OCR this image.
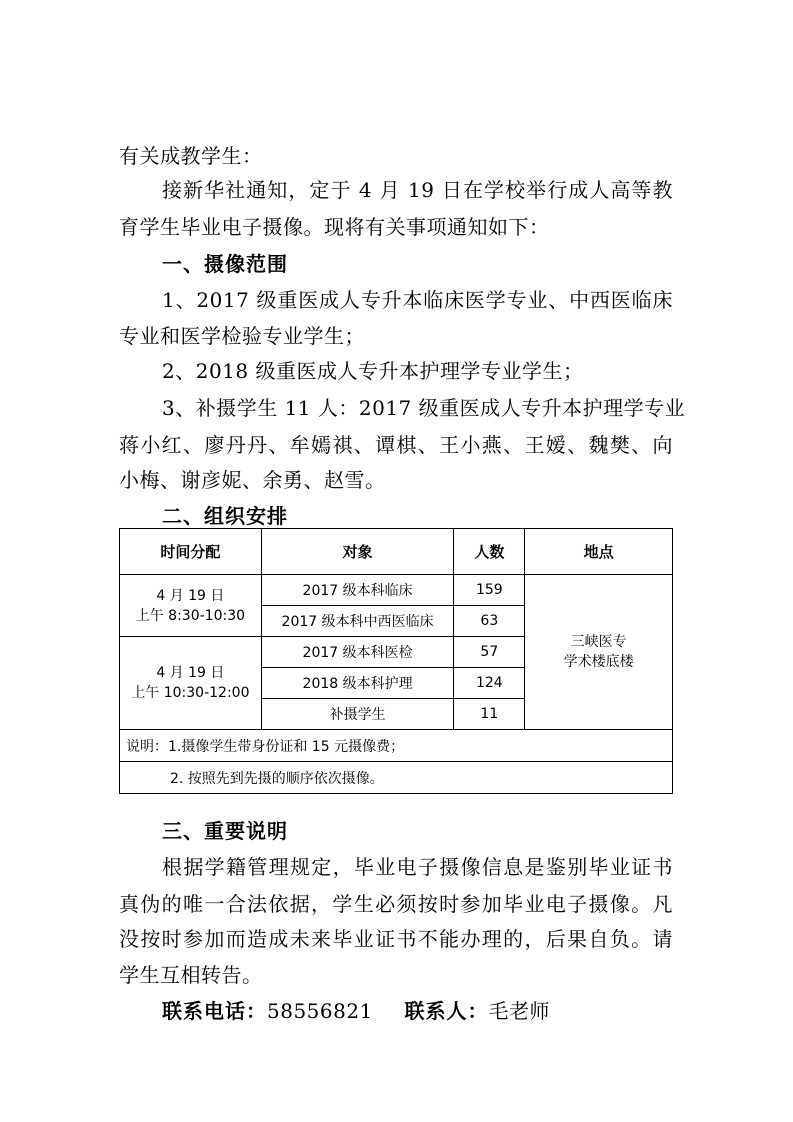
有关成教学生：
接新华社通知，定于 4 月 19 日在学校举行成人高等教
育学生毕业电子摄像。现将有关事项通知如下：
一、摄像范围
1、2017 级重医成人专升本临床医学专业、中西医临床
专业和医学检验专业学生；
2、2018 级重医成人专升本护理学专业学生；
3、补摄学生 11 人：2017 级重医成人专升本护理学专业
蒋小红、廖丹丹、牟嫣祺、谭棋、王小燕、王嫒、魏樊、向
小梅、谢彦妮、余勇、赵雪。
二、组织安排
时间分配	对象	人数	地点

4 月 19 日
上午 8:30-10:30	2017 级本科临床	159	三峡医专
学术楼底楼

	2017 级本科中西医临床	63	

4 月 19 日
上午 10:30-12:00	2017 级本科医检	57	
	2018 级本科护理	124	
	补摄学生	11	
说明：1.摄像学生带身份证和 15 元摄像费；			
2. 按照先到先摄的顺序依次摄像。			
三、重要说明
根据学籍管理规定，毕业电子摄像信息是鉴别毕业证书
真伪的唯一合法依据，学生必须按时参加毕业电子摄像。凡
没按时参加而造成未来毕业证书不能办理的，后果自负。请
学生互相转告。
联系电话：58556821 联系人：毛老师
